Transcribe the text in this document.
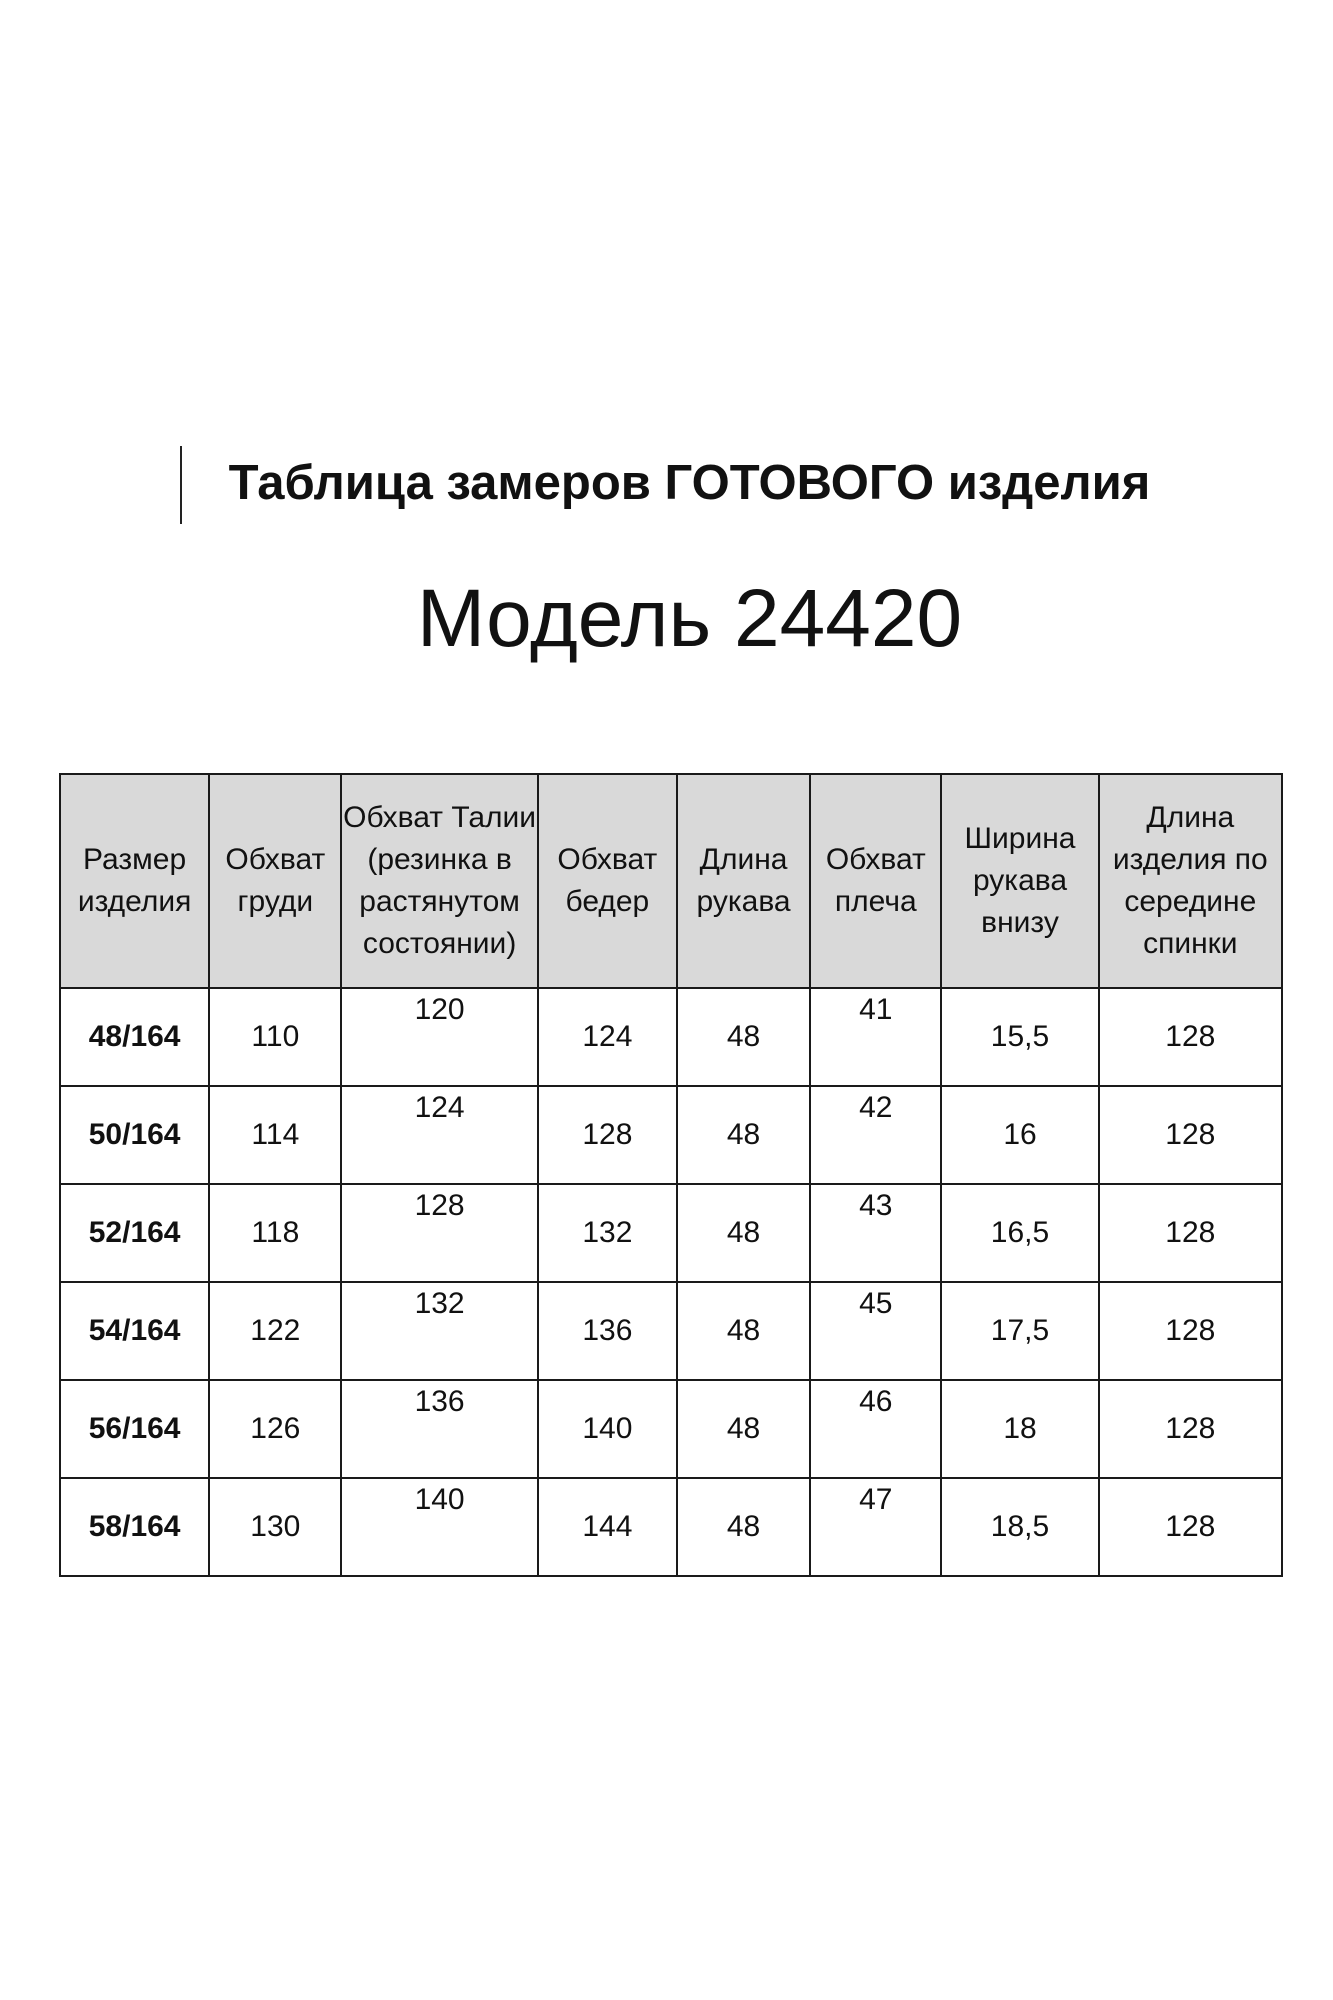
Таблица замеров ГОТОВОГО изделия
Модель 24420
Размер изделия	Обхват груди	Обхват Талии (резинка в растянутом состоянии)	Обхват бедер	Длина рукава	Обхват плеча	Ширина рукава внизу	Длина изделия по середине спинки
48/164	110	120	124	48	41	15,5	128
50/164	114	124	128	48	42	16	128
52/164	118	128	132	48	43	16,5	128
54/164	122	132	136	48	45	17,5	128
56/164	126	136	140	48	46	18	128
58/164	130	140	144	48	47	18,5	128
